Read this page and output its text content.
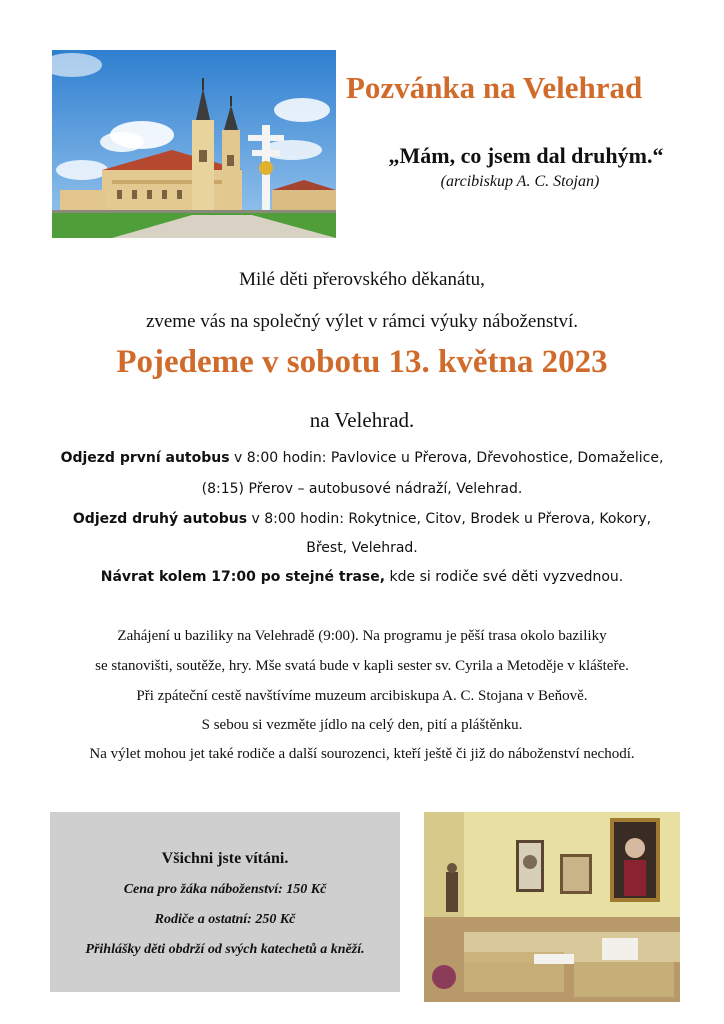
Pozvánka na Velehrad
„Mám, co jsem dal druhým.“
(arcibiskup A. C. Stojan)
Milé děti přerovského děkanátu,
zveme vás na společný výlet v rámci výuky náboženství.
Pojedeme v sobotu 13. května 2023
na Velehrad.
Odjezd první autobus v 8:00 hodin: Pavlovice u Přerova, Dřevohostice, Domaželice,
(8:15) Přerov – autobusové nádraží, Velehrad.
Odjezd druhý autobus v 8:00 hodin: Rokytnice, Citov, Brodek u Přerova, Kokory,
Břest, Velehrad.
Návrat kolem 17:00 po stejné trase, kde si rodiče své děti vyzvednou.
Zahájení u baziliky na Velehradě (9:00). Na programu je pěší trasa okolo baziliky
se stanovišti, soutěže, hry. Mše svatá bude v kapli sester sv. Cyrila a Metoděje v klášteře.
Při zpáteční cestě navštívíme muzeum arcibiskupa A. C. Stojana v Beňově.
S sebou si vezměte jídlo na celý den, pití a pláštěnku.
Na výlet mohou jet také rodiče a další sourozenci, kteří ještě či již do náboženství nechodí.
Všichni jste vítáni.
Cena pro žáka náboženství: 150 Kč
Rodiče a ostatní: 250 Kč
Přihlášky děti obdrží od svých katechetů a kněží.
